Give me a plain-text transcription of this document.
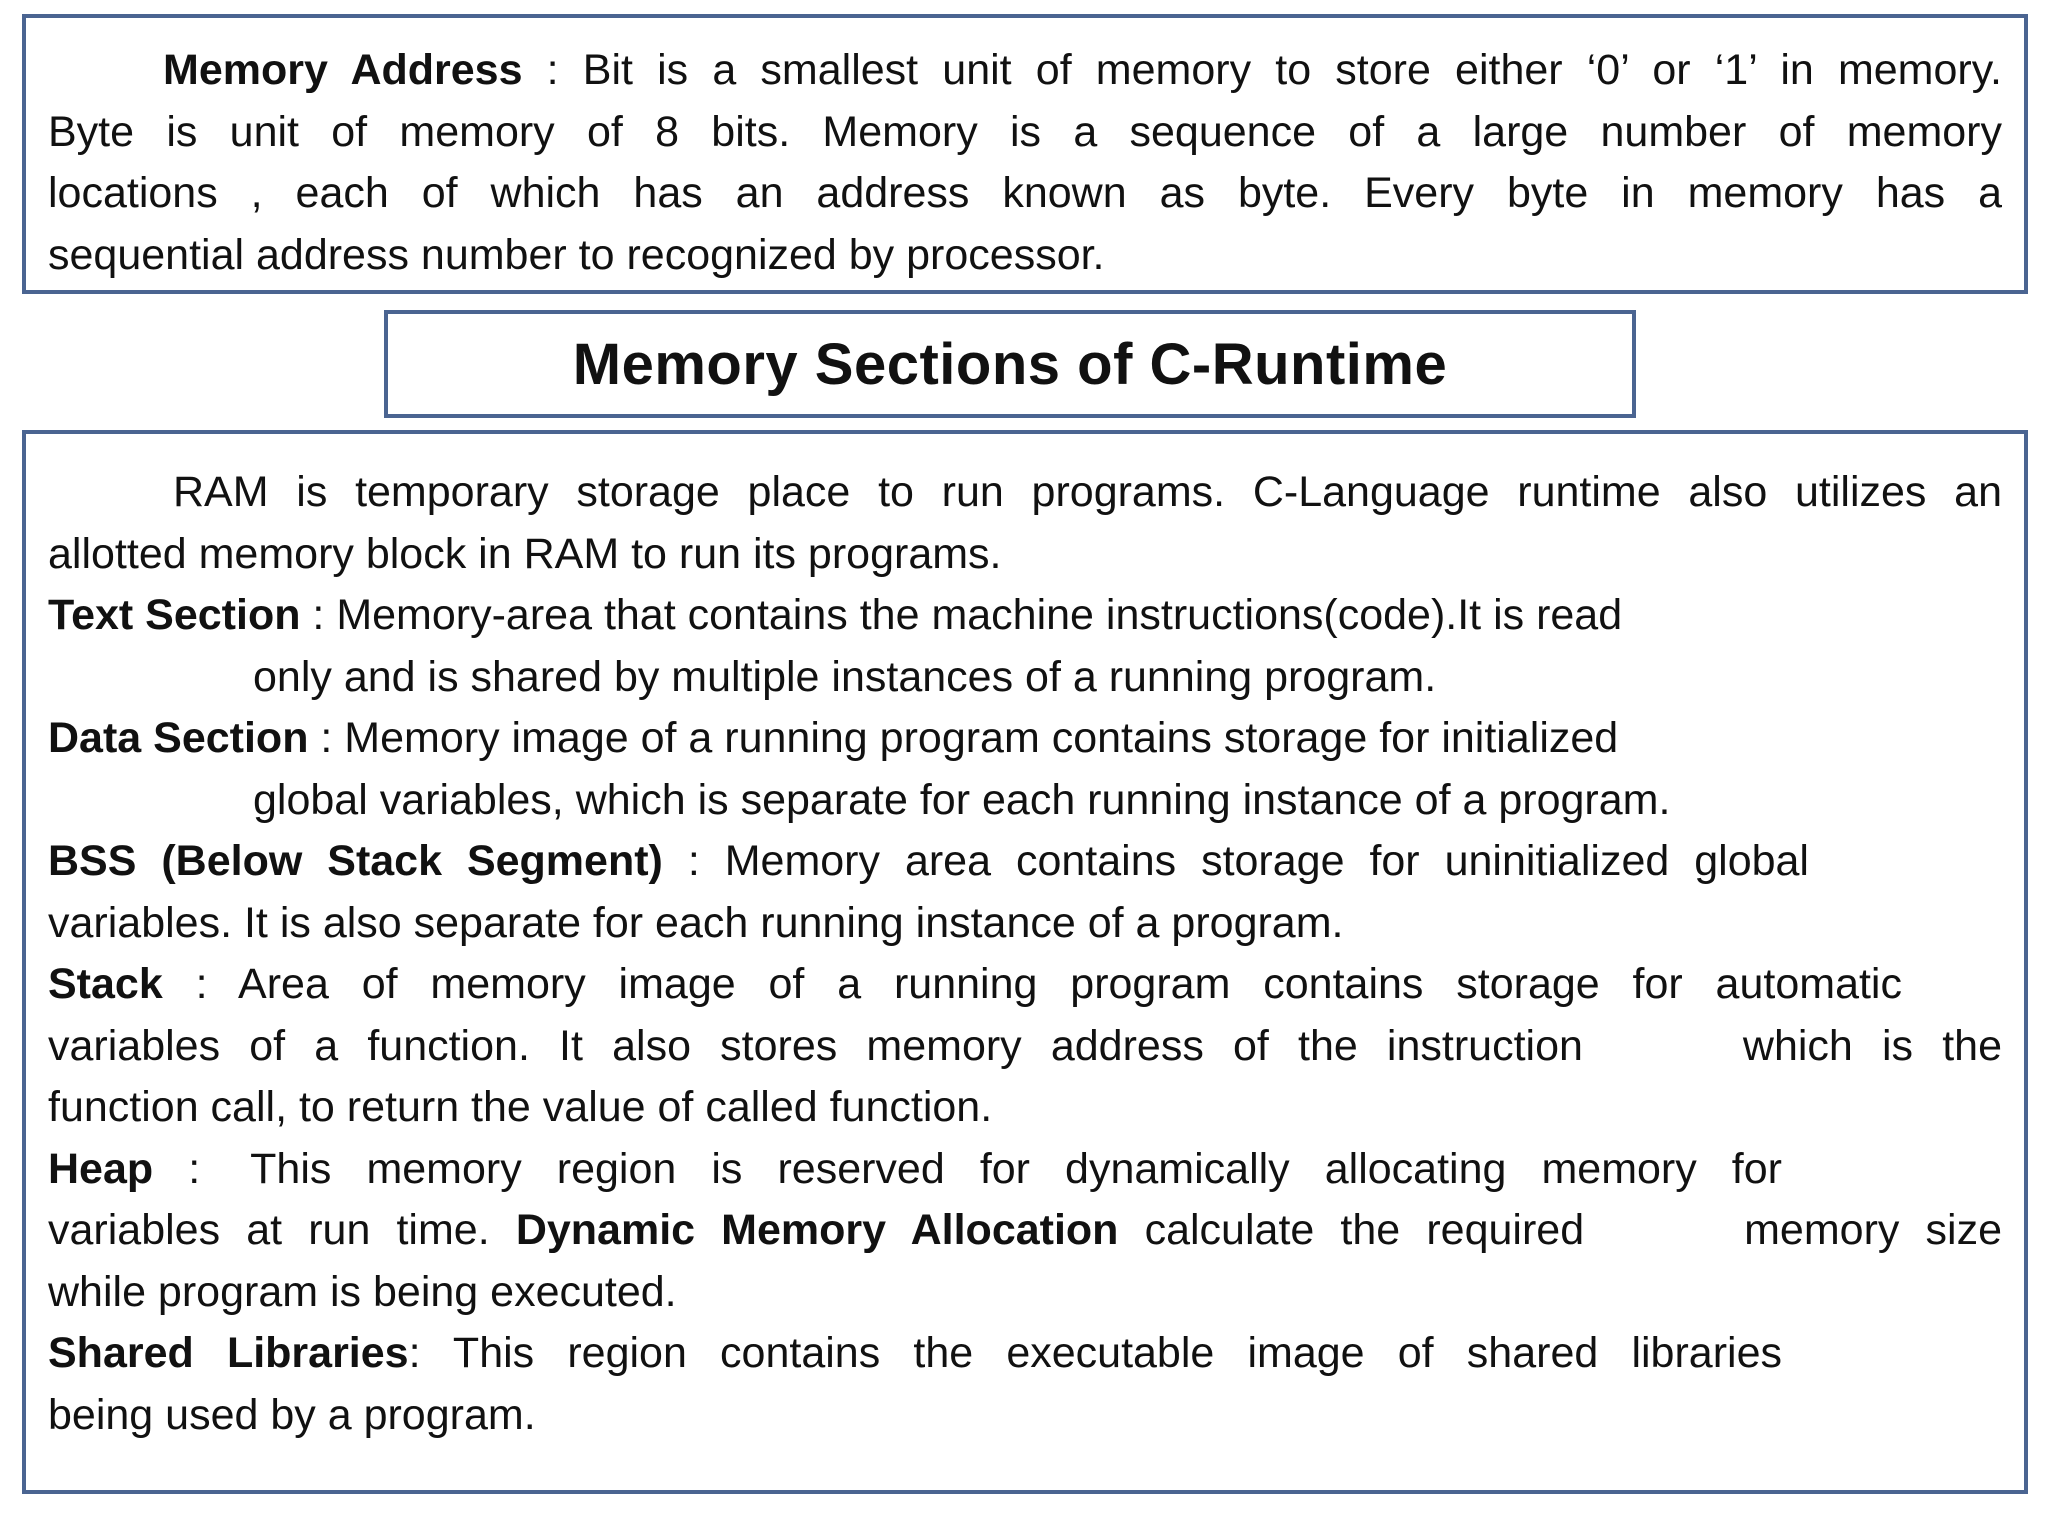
Memory Address : Bit is a smallest unit of memory to store either ‘0’ or ‘1’ in memory.
Byte is unit of memory of 8 bits. Memory is a sequence of a large number of memory
locations , each of which has an address known as byte. Every byte in memory has a
sequential address number to recognized by processor.
Memory Sections of C-Runtime
RAM is temporary storage place to run programs. C-Language runtime also utilizes an
allotted memory block in RAM to run its programs.
Text Section : Memory-area that contains the machine instructions(code).It is read
only and is shared by multiple instances of a running program.
Data Section : Memory image of a running program contains storage for initialized
global variables, which is separate for each running instance of a program.
BSS (Below Stack Segment) : Memory area contains storage for uninitialized global
variables. It is also separate for each running instance of a program.
Stack : Area of memory image of a running program contains storage for automatic
variables of a function. It also stores memory address of the instruction	which is the
function call, to return the value of called function.
Heap : This memory region is reserved for dynamically allocating memory for
variables at run time. Dynamic Memory Allocation calculate the required	memory size
while program is being executed.
Shared Libraries: This region contains the executable image of shared libraries
being used by a program.
